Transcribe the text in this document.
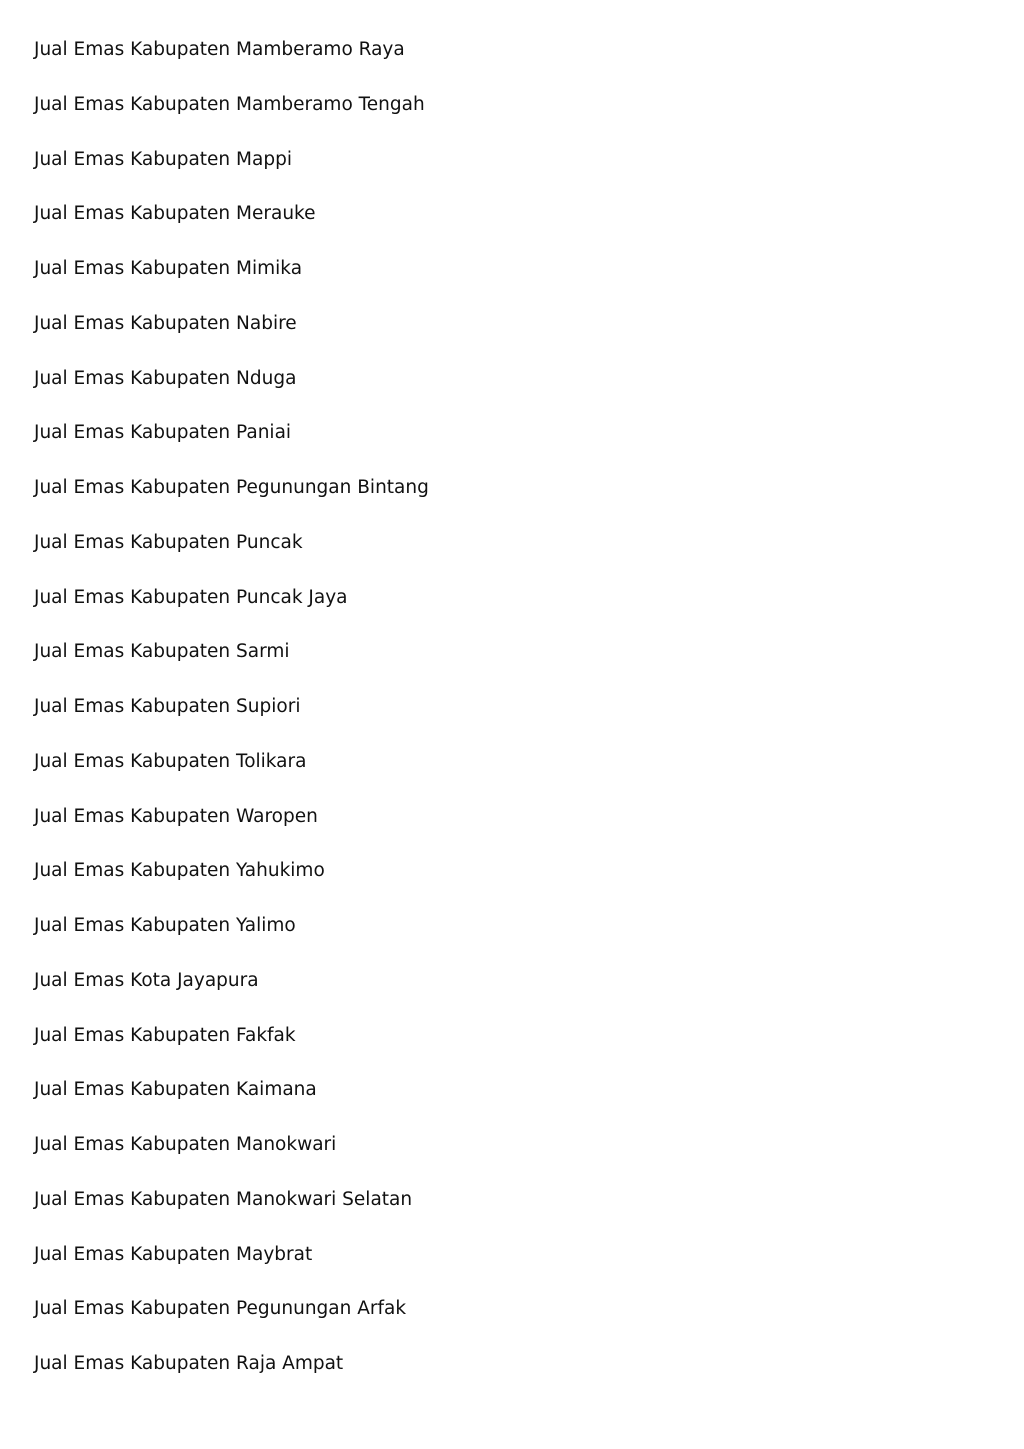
Jual Emas Kabupaten Mamberamo Raya
Jual Emas Kabupaten Mamberamo Tengah
Jual Emas Kabupaten Mappi
Jual Emas Kabupaten Merauke
Jual Emas Kabupaten Mimika
Jual Emas Kabupaten Nabire
Jual Emas Kabupaten Nduga
Jual Emas Kabupaten Paniai
Jual Emas Kabupaten Pegunungan Bintang
Jual Emas Kabupaten Puncak
Jual Emas Kabupaten Puncak Jaya
Jual Emas Kabupaten Sarmi
Jual Emas Kabupaten Supiori
Jual Emas Kabupaten Tolikara
Jual Emas Kabupaten Waropen
Jual Emas Kabupaten Yahukimo
Jual Emas Kabupaten Yalimo
Jual Emas Kota Jayapura
Jual Emas Kabupaten Fakfak
Jual Emas Kabupaten Kaimana
Jual Emas Kabupaten Manokwari
Jual Emas Kabupaten Manokwari Selatan
Jual Emas Kabupaten Maybrat
Jual Emas Kabupaten Pegunungan Arfak
Jual Emas Kabupaten Raja Ampat
